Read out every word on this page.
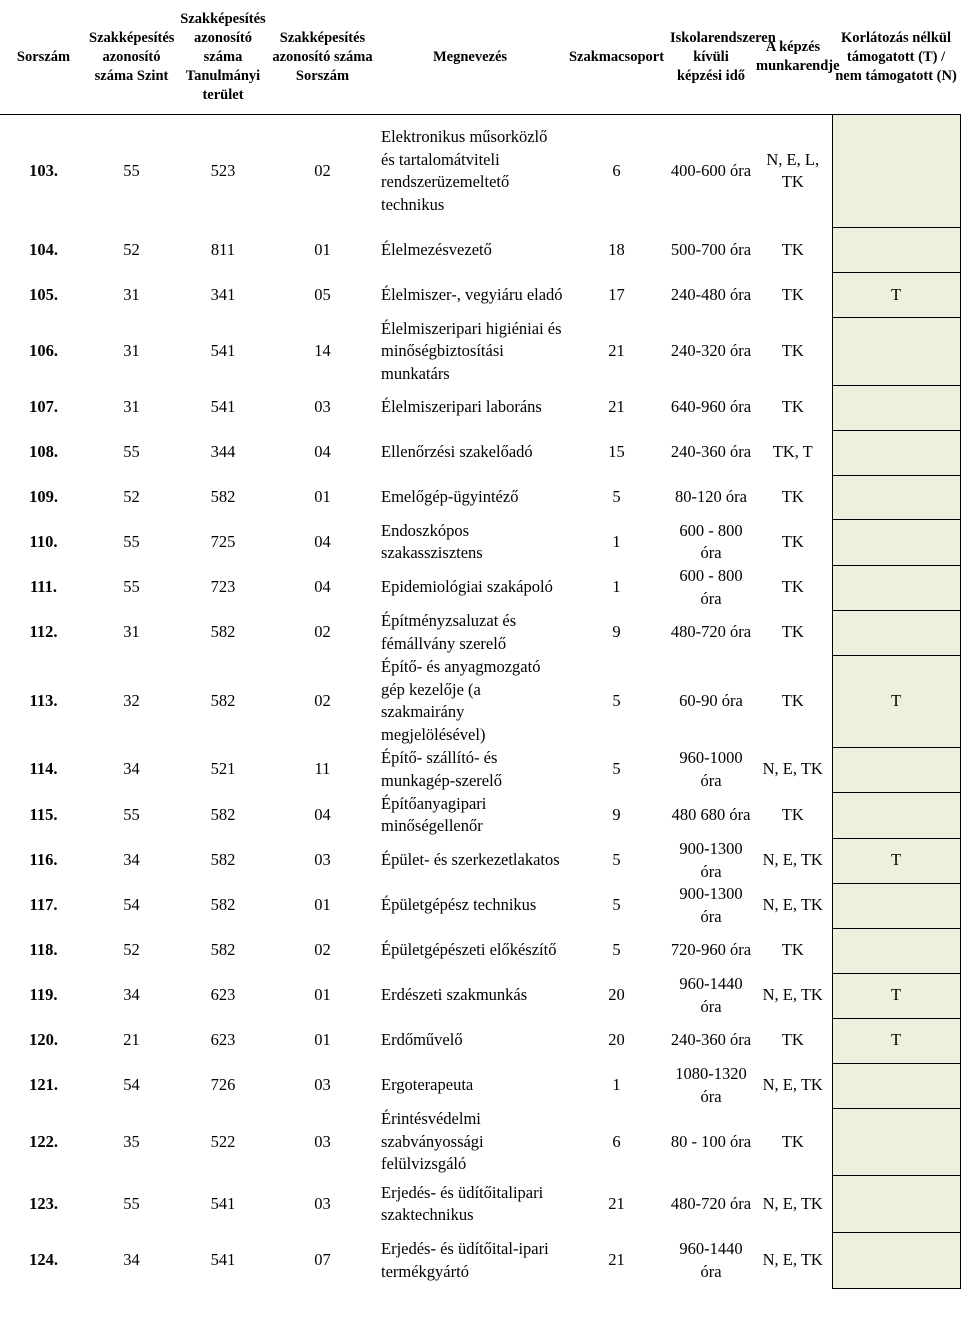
Sorszám	Szakképesítés azonosító száma Szint	Szakképesítés azonosító száma Tanulmányi terület	Szakképesítés azonosító száma Sorszám	Megnevezés	Szakmacsoport	Iskolarendszeren kívüli képzési idő	A képzés munkarendje	Korlátozás nélkül támogatott (T) / nem támogatott (N)
103.	55	523	02	Elektronikus műsorközlő és tartalomátviteli rendszerüzemeltető technikus	6	400-600 óra	N, E, L, TK	
104.	52	811	01	Élelmezésvezető	18	500-700 óra	TK	
105.	31	341	05	Élelmiszer-, vegyiáru eladó	17	240-480 óra	TK	T
106.	31	541	14	Élelmiszeripari higiéniai és minőségbiztosítási munkatárs	21	240-320 óra	TK	
107.	31	541	03	Élelmiszeripari laboráns	21	640-960 óra	TK	
108.	55	344	04	Ellenőrzési szakelőadó	15	240-360 óra	TK, T	
109.	52	582	01	Emelőgép-ügyintéző	5	80-120 óra	TK	
110.	55	725	04	Endoszkópos szakasszisztens	1	600 - 800 óra	TK	
111.	55	723	04	Epidemiológiai szakápoló	1	600 - 800 óra	TK	
112.	31	582	02	Építményzsaluzat és fémállvány szerelő	9	480-720 óra	TK	
113.	32	582	02	Építő- és anyagmozgató gép kezelője (a szakmairány megjelölésével)	5	60-90 óra	TK	T
114.	34	521	11	Építő- szállító- és munkagép-szerelő	5	960-1000 óra	N, E, TK	
115.	55	582	04	Építőanyagipari minőségellenőr	9	480 680 óra	TK	
116.	34	582	03	Épület- és szerkezetlakatos	5	900-1300 óra	N, E, TK	T
117.	54	582	01	Épületgépész technikus	5	900-1300 óra	N, E, TK	
118.	52	582	02	Épületgépészeti előkészítő	5	720-960 óra	TK	
119.	34	623	01	Erdészeti szakmunkás	20	960-1440 óra	N, E, TK	T
120.	21	623	01	Erdőművelő	20	240-360 óra	TK	T
121.	54	726	03	Ergoterapeuta	1	1080-1320 óra	N, E, TK	
122.	35	522	03	Érintésvédelmi szabványossági felülvizsgáló	6	80 - 100 óra	TK	
123.	55	541	03	Erjedés- és üdítőitalipari szaktechnikus	21	480-720 óra	N, E, TK	
124.	34	541	07	Erjedés- és üdítőital-ipari termékgyártó	21	960-1440 óra	N, E, TK	
